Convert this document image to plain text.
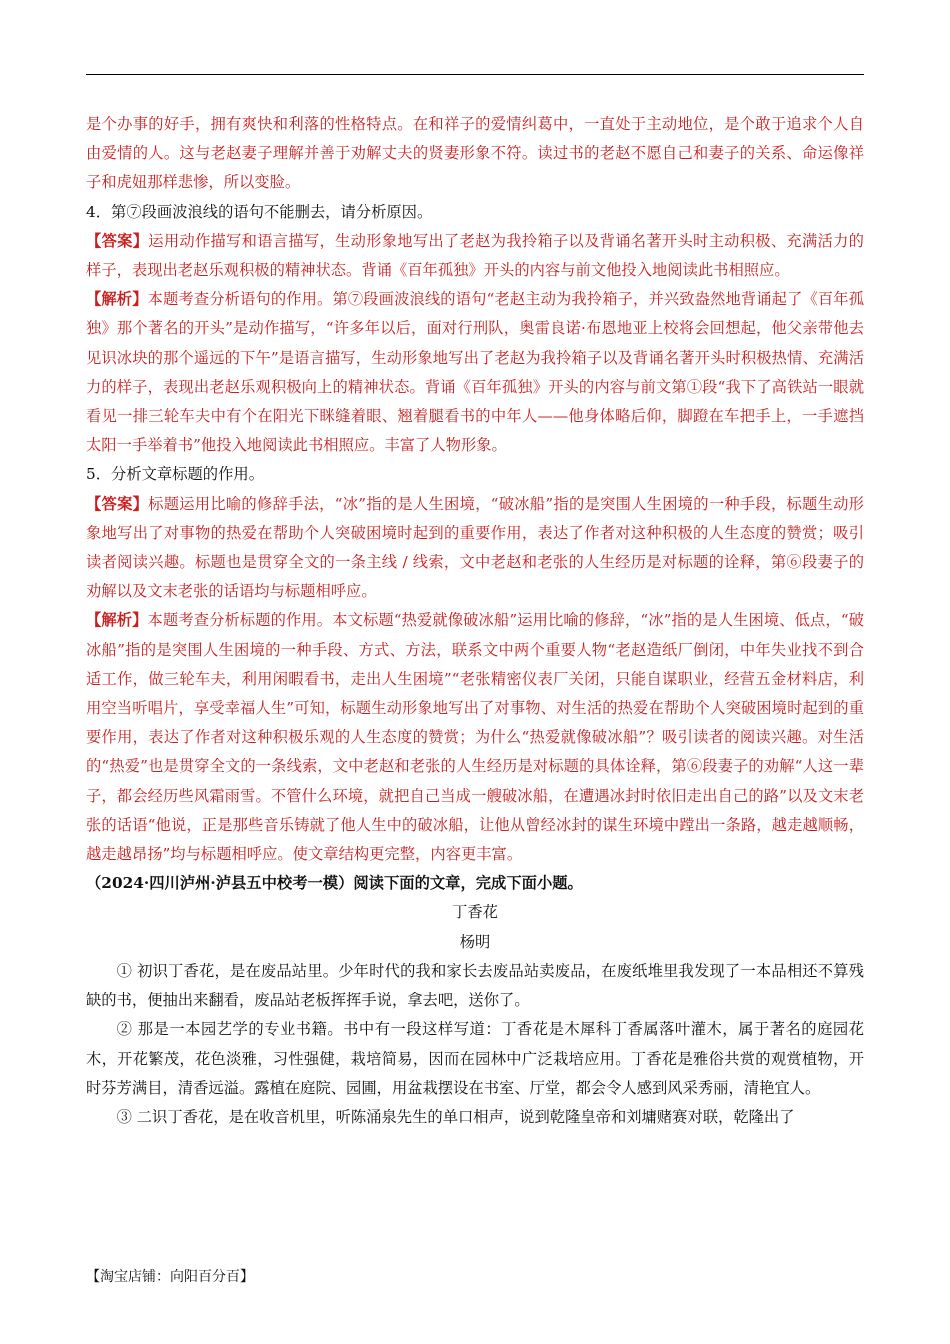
是个办事的好手，拥有爽快和利落的性格特点。在和祥子的爱情纠葛中，一直处于主动地位，是个敢于追求个人自由爱情的人。这与老赵妻子理解并善于劝解丈夫的贤妻形象不符。读过书的老赵不愿自己和妻子的关系、命运像祥子和虎妞那样悲惨，所以变脸。

4．第⑦段画波浪线的语句不能删去，请分析原因。

【答案】运用动作描写和语言描写，生动形象地写出了老赵为我拎箱子以及背诵名著开头时主动积极、充满活力的样子，表现出老赵乐观积极的精神状态。背诵《百年孤独》开头的内容与前文他投入地阅读此书相照应。

【解析】本题考查分析语句的作用。第⑦段画波浪线的语句“老赵主动为我拎箱子，并兴致盎然地背诵起了《百年孤独》那个著名的开头”是动作描写，“许多年以后，面对行刑队，奥雷良诺·布恩地亚上校将会回想起，他父亲带他去见识冰块的那个遥远的下午”是语言描写，生动形象地写出了老赵为我拎箱子以及背诵名著开头时积极热情、充满活力的样子，表现出老赵乐观积极向上的精神状态。背诵《百年孤独》开头的内容与前文第①段“我下了高铁站一眼就看见一排三轮车夫中有个在阳光下眯缝着眼、翘着腿看书的中年人——他身体略后仰，脚蹬在车把手上，一手遮挡太阳一手举着书”他投入地阅读此书相照应。丰富了人物形象。

5．分析文章标题的作用。

【答案】标题运用比喻的修辞手法，“冰”指的是人生困境，“破冰船”指的是突围人生困境的一种手段，标题生动形象地写出了对事物的热爱在帮助个人突破困境时起到的重要作用，表达了作者对这种积极的人生态度的赞赏；吸引读者阅读兴趣。标题也是贯穿全文的一条主线 / 线索，文中老赵和老张的人生经历是对标题的诠释，第⑥段妻子的劝解以及文末老张的话语均与标题相呼应。

【解析】本题考查分析标题的作用。本文标题“热爱就像破冰船”运用比喻的修辞，“冰”指的是人生困境、低点，“破冰船”指的是突围人生困境的一种手段、方式、方法，联系文中两个重要人物“老赵造纸厂倒闭，中年失业找不到合适工作，做三轮车夫，利用闲暇看书，走出人生困境”“老张精密仪表厂关闭，只能自谋职业，经营五金材料店，利用空当听唱片，享受幸福人生”可知，标题生动形象地写出了对事物、对生活的热爱在帮助个人突破困境时起到的重要作用，表达了作者对这种积极乐观的人生态度的赞赏；为什么“热爱就像破冰船”？吸引读者的阅读兴趣。对生活的“热爱”也是贯穿全文的一条线索，文中老赵和老张的人生经历是对标题的具体诠释，第⑥段妻子的劝解“人这一辈子，都会经历些风霜雨雪。不管什么环境，就把自己当成一艘破冰船，在遭遇冰封时依旧走出自己的路”以及文末老张的话语“他说，正是那些音乐铸就了他人生中的破冰船，让他从曾经冰封的谋生环境中蹚出一条路，越走越顺畅，越走越昂扬”均与标题相呼应。使文章结构更完整，内容更丰富。

（2024·四川泸州·泸县五中校考一模）阅读下面的文章，完成下面小题。

丁香花

杨明

① 初识丁香花，是在废品站里。少年时代的我和家长去废品站卖废品，在废纸堆里我发现了一本品相还不算残缺的书，便抽出来翻看，废品站老板挥挥手说，拿去吧，送你了。

② 那是一本园艺学的专业书籍。书中有一段这样写道：丁香花是木犀科丁香属落叶灌木，属于著名的庭园花木，开花繁茂，花色淡雅，习性强健，栽培简易，因而在园林中广泛栽培应用。丁香花是雅俗共赏的观赏植物，开时芬芳满目，清香远溢。露植在庭院、园圃，用盆栽摆设在书室、厅堂，都会令人感到风采秀丽，清艳宜人。

③ 二识丁香花，是在收音机里，听陈涌泉先生的单口相声，说到乾隆皇帝和刘墉赌赛对联，乾隆出了

【淘宝店铺：向阳百分百】
